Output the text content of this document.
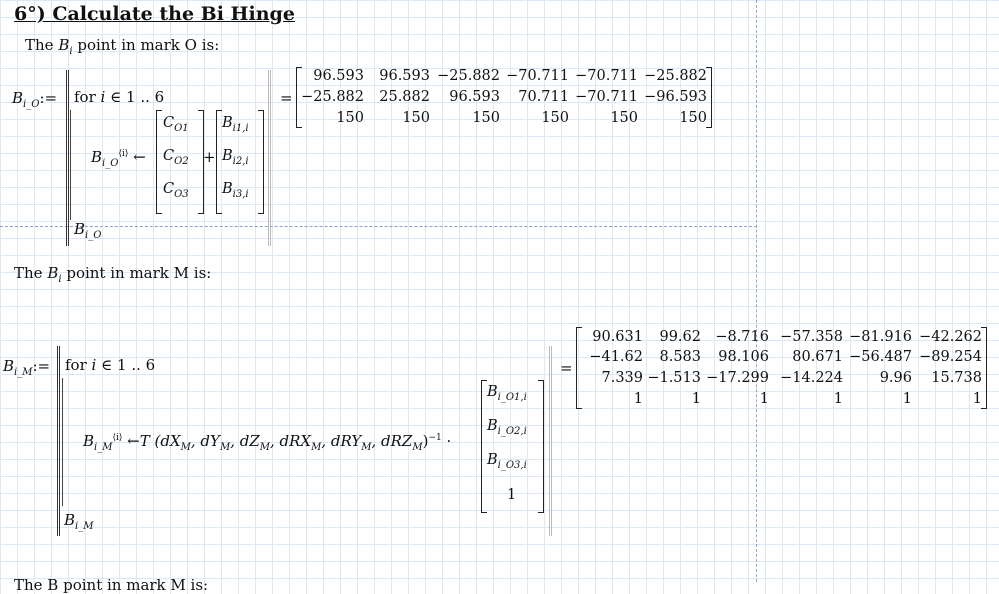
6°) Calculate the Bi Hinge
The $B_i$ point in mark O is:
$B_{i\_O}:=$ for i ∈ 1 .. 6
$B_{i\_O}^{⟨i⟩}$ ←
$C_{O1}$
$C_{O2}$
$C_{O3}$
+
$B_{i1,i}$
$B_{i2,i}$
$B_{i3,i}$
$B_{i\_O}$
=
96.593	96.593 −25.882 −70.711 −70.711 −25.882
−25.882	25.882	96.593	70.711 −70.711 −96.593
150	150	150	150	150	150
The $B_i$ point in mark M is:
$B_{i\_M}:=$ for i ∈ 1 .. 6
$B_{i\_M}^{⟨i⟩}$ ←T ($dX_M$, $dY_M$, $dZ_M$, dRX$_M$, dRY$_M$, dRZ$_M$)$^{-1}$ ·
$B_{i\_O1,i}$
$B_{i\_O2,i}$
$B_{i\_O3,i}$
1
$B_{i\_M}$
=
90.631	99.62 −8.716 −57.358 −81.916 −42.262
−41.62	8.583	98.106	80.671 −56.487 −89.254
7.339 −1.513 −17.299 −14.224	9.96	15.738
1	1	1	1	1	1
The B point in mark M is:
